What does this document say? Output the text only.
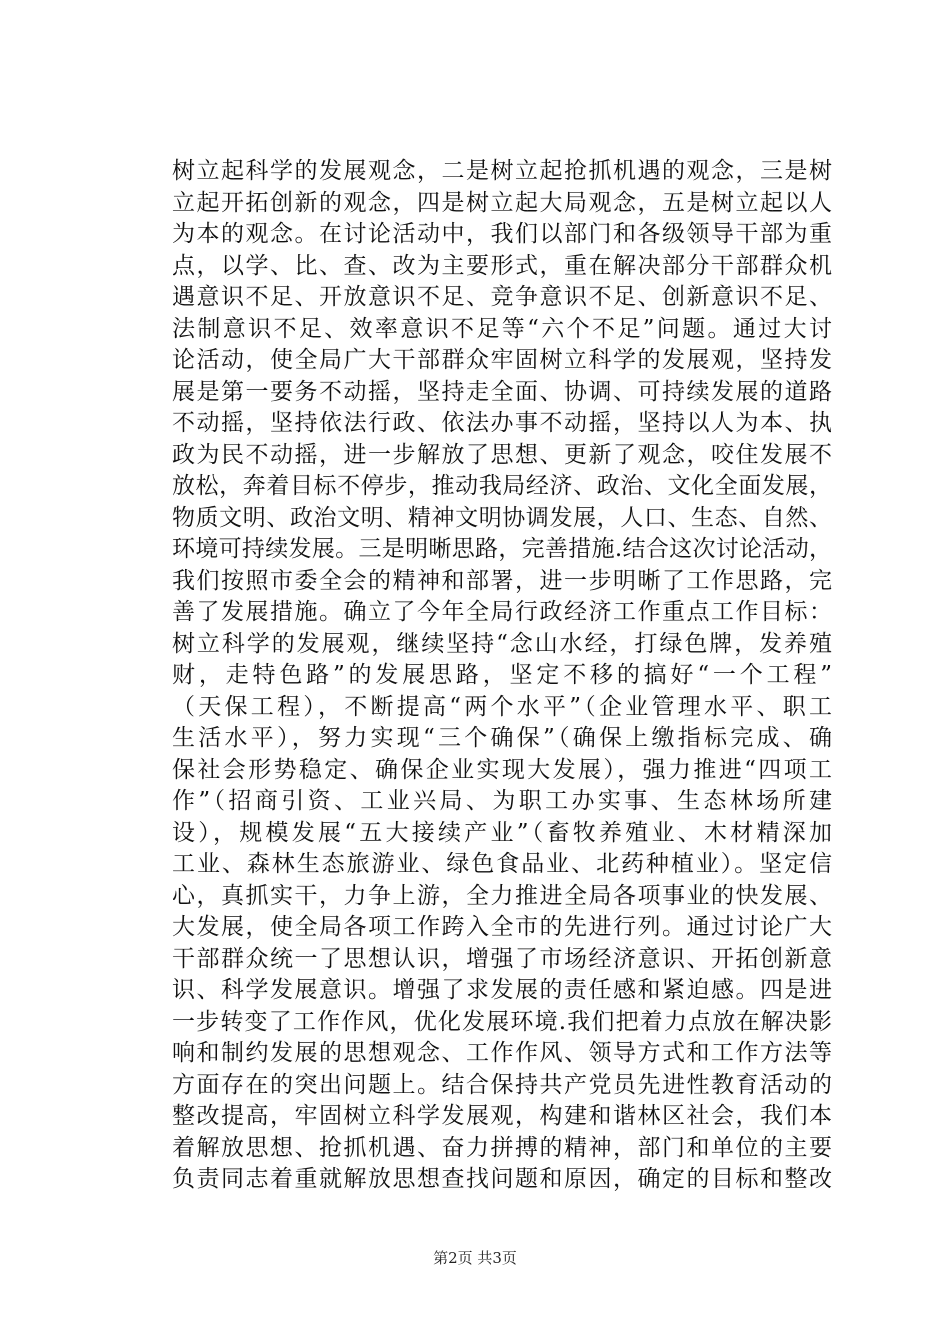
树立起科学的发展观念，二是树立起抢抓机遇的观念，三是树
立起开拓创新的观念，四是树立起大局观念，五是树立起以人
为本的观念。在讨论活动中，我们以部门和各级领导干部为重
点，以学、比、查、改为主要形式，重在解决部分干部群众机
遇意识不足、开放意识不足、竞争意识不足、创新意识不足、
法制意识不足、效率意识不足等“六个不足”问题。通过大讨
论活动，使全局广大干部群众牢固树立科学的发展观，坚持发
展是第一要务不动摇，坚持走全面、协调、可持续发展的道路
不动摇，坚持依法行政、依法办事不动摇，坚持以人为本、执
政为民不动摇，进一步解放了思想、更新了观念，咬住发展不
放松，奔着目标不停步，推动我局经济、政治、文化全面发展，
物质文明、政治文明、精神文明协调发展，人口、生态、自然、
环境可持续发展。三是明晰思路，完善措施.结合这次讨论活动，
我们按照市委全会的精神和部署，进一步明晰了工作思路，完
善了发展措施。确立了今年全局行政经济工作重点工作目标：
树立科学的发展观，继续坚持“念山水经，打绿色牌，发养殖
财，走特色路”的发展思路，坚定不移的搞好“一个工程”
（天保工程），不断提高“两个水平”（企业管理水平、职工
生活水平），努力实现“三个确保”（确保上缴指标完成、确
保社会形势稳定、确保企业实现大发展），强力推进“四项工
作”（招商引资、工业兴局、为职工办实事、生态林场所建
设），规模发展“五大接续产业”（畜牧养殖业、木材精深加
工业、森林生态旅游业、绿色食品业、北药种植业）。坚定信
心，真抓实干，力争上游，全力推进全局各项事业的快发展、
大发展，使全局各项工作跨入全市的先进行列。通过讨论广大
干部群众统一了思想认识，增强了市场经济意识、开拓创新意
识、科学发展意识。增强了求发展的责任感和紧迫感。四是进
一步转变了工作作风，优化发展环境.我们把着力点放在解决影
响和制约发展的思想观念、工作作风、领导方式和工作方法等
方面存在的突出问题上。结合保持共产党员先进性教育活动的
整改提高，牢固树立科学发展观，构建和谐林区社会，我们本
着解放思想、抢抓机遇、奋力拼搏的精神，部门和单位的主要
负责同志着重就解放思想查找问题和原因，确定的目标和整改
第2页 共3页
